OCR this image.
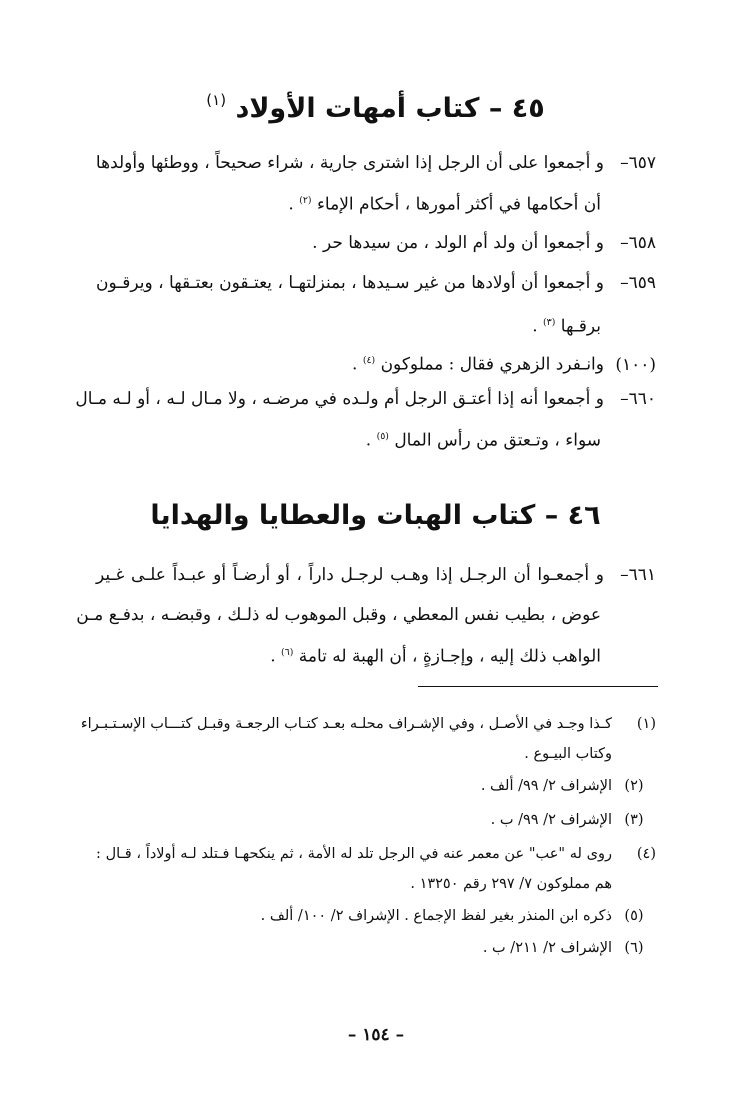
٤٥ – كتاب أمهات الأولاد $^{(١)}$
٦٥٧–و أجمعوا على أن الرجل إذا اشترى جارية ، شراء صحيحاً ، ووطئها وأولدها
أن أحكامها في أكثر أمورها ، أحكام الإماء $^{(٢)}$ .
٦٥٨–و أجمعوا أن ولد أم الولد ، من سيدها حر .
٦٥٩–و أجمعوا أن أولادها من غير سـيدها ، بمنزلتهـا ، يعتـقون بعتـقها ، ويرقـون
برقـها $^{(٣)}$ .
(١٠٠)وانـفرد الزهري فقال : مملوكون $^{(٤)}$ .
٦٦٠–و أجمعوا أنه إذا أعتـق الرجل أم ولـده في مرضـه ، ولا مـال لـه ، أو لـه مـال
سواء ، وتـعتق من رأس المال $^{(٥)}$ .
٤٦ – كتاب الهبات والعطايا والهدايا
٦٦١–و أجمعـوا أن الرجـل إذا وهـب لرجـل داراً ، أو أرضـاً أو عبـداً علـى غـير
عوض ، بطيب نفس المعطي ، وقبل الموهوب له ذلـك ، وقبضـه ، بدفـع مـن
الواهب ذلك إليه ، وإجـازةٍ ، أن الهبة له تامة $^{(٦)}$ .
(١)كـذا وجـد في الأصـل ، وفي الإشـراف محلـه بعـد كتـاب الرجعـة وقبـل كتـــاب الإسـتـبـراء
وكتاب البيـوع .
(٢)الإشراف ٢/ ٩٩/ ألف .
(٣)الإشراف ٢/ ٩٩/ ب .
(٤)روى له "عب" عن معمر عنه في الرجل تلد له الأمة ، ثم ينكحهـا فـتلد لـه أولاداً ، قـال :
هم مملوكون ٧/ ٢٩٧ رقم ١٣٢٥٠ .
(٥)ذكره ابن المنذر بغير لفظ الإجماع . الإشراف ٢/ ١٠٠/ ألف .
(٦)الإشراف ٢/ ٢١١/ ب .
– ١٥٤ –
